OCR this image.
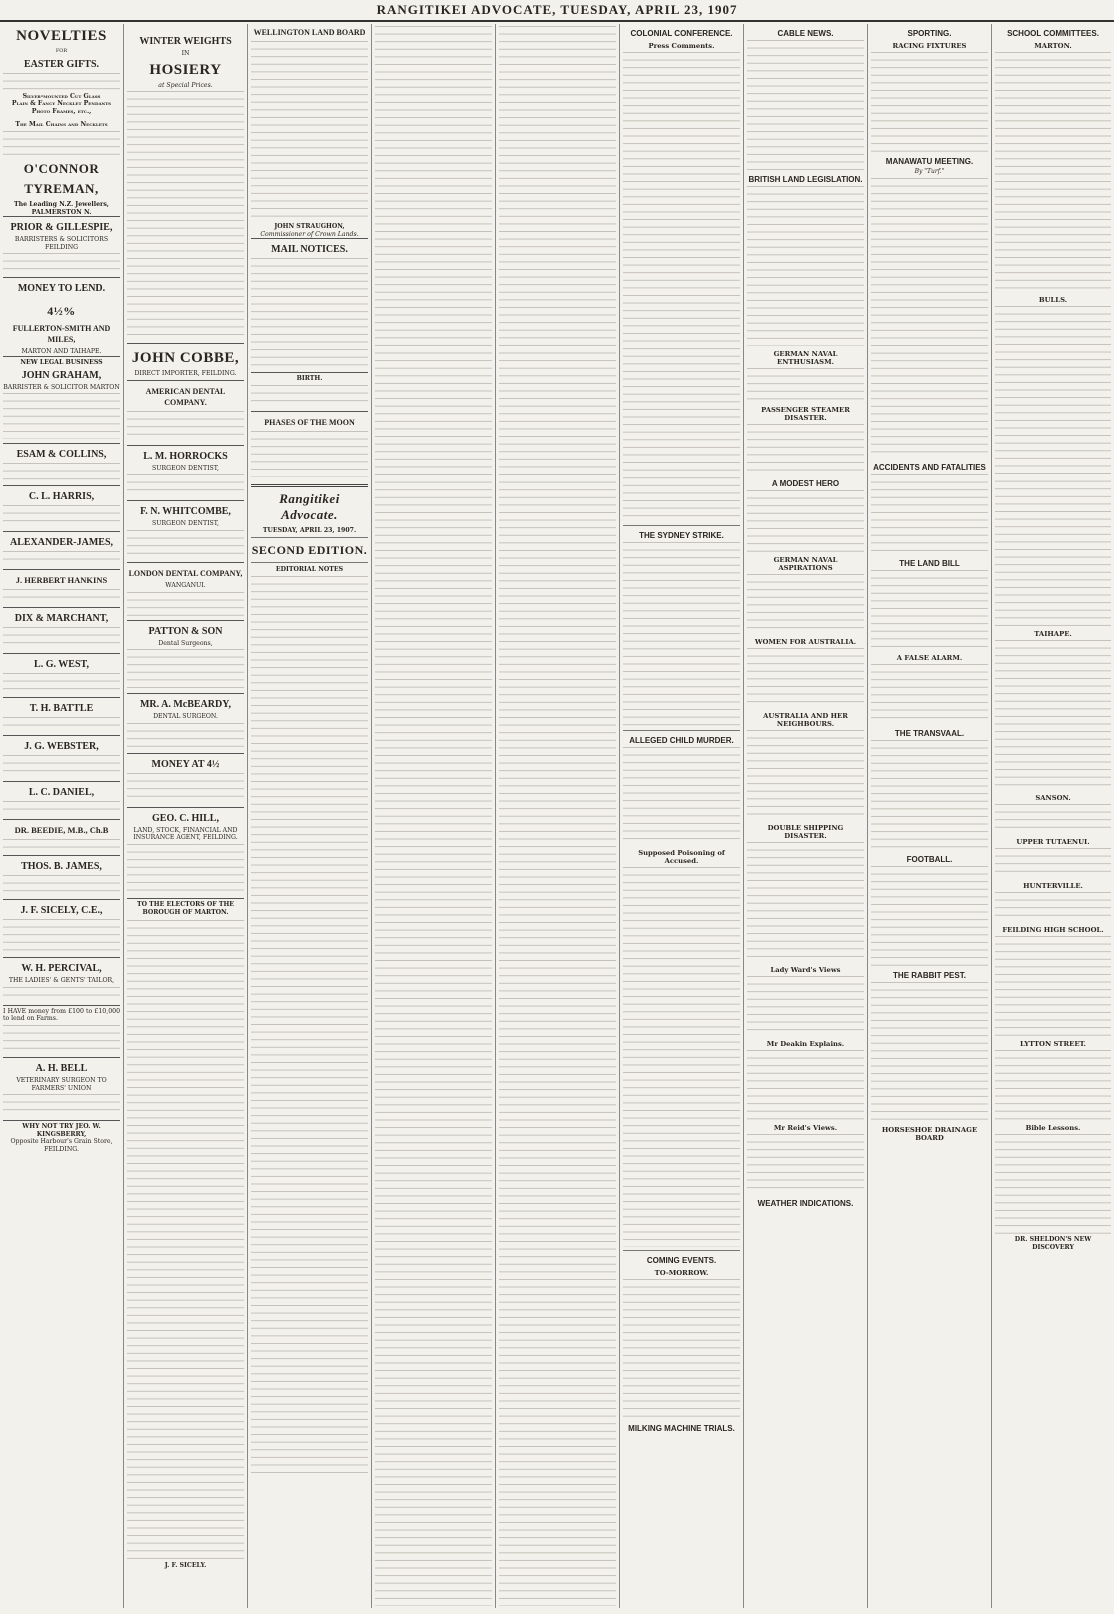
RANGITIKEI ADVOCATE, TUESDAY, APRIL 23, 1907
NOVELTIES
FOR
EASTER GIFTS.
Silver-mounted Cut Glass
Plain & Fancy Necklet Pendants
Photo Frames, etc.,
The Mail Chains and Necklets
O'CONNOR
TYREMAN,
The Leading N.Z. Jewellers, PALMERSTON N.
PRIOR & GILLESPIE,
BARRISTERS & SOLICITORS FEILDING
MONEY TO LEND.
4½%
FULLERTON-SMITH AND MILES,
MARTON AND TAIHAPE.
NEW LEGAL BUSINESS
JOHN GRAHAM,
BARRISTER & SOLICITOR MARTON
ESAM & COLLINS,
C. L. HARRIS,
ALEXANDER-JAMES,
J. HERBERT HANKINS
DIX & MARCHANT,
L. G. WEST,
T. H. BATTLE
J. G. WEBSTER,
L. C. DANIEL,
DR. BEEDIE, M.B., Ch.B
THOS. B. JAMES,
J. F. SICELY, C.E.,
W. H. PERCIVAL,
THE LADIES' & GENTS' TAILOR,
I HAVE money from £100 to £10,000 to lend on Farms.
A. H. BELL
VETERINARY SURGEON TO FARMERS' UNION
WHY NOT TRY JEO. W. KINGSBERRY,
Opposite Harbour's Grain Store, FEILDING.
WINTER WEIGHTS
IN
HOSIERY
at Special Prices.
JOHN COBBE,
DIRECT IMPORTER, FEILDING.
AMERICAN DENTAL COMPANY.
L. M. HORROCKS
SURGEON DENTIST,
F. N. WHITCOMBE,
SURGEON DENTIST,
LONDON DENTAL COMPANY,
WANGANUI.
PATTON & SON
Dental Surgeons,
MR. A. McBEARDY,
DENTAL SURGEON.
MONEY AT 4½
GEO. C. HILL,
LAND, STOCK, FINANCIAL AND INSURANCE AGENT, FEILDING.
TO THE ELECTORS OF THE BOROUGH OF MARTON.
J. F. SICELY.
WELLINGTON LAND BOARD
JOHN STRAUGHON,
Commissioner of Crown Lands.
MAIL NOTICES.
BIRTH.
PHASES OF THE MOON
Rangitikei Advocate.
TUESDAY, APRIL 23, 1907.
SECOND EDITION.
EDITORIAL NOTES
COLONIAL CONFERENCE.
Press Comments.
THE SYDNEY STRIKE.
ALLEGED CHILD MURDER.
Supposed Poisoning of Accused.
COMING EVENTS.
TO-MORROW.
MILKING MACHINE TRIALS.
CABLE NEWS.
BRITISH LAND LEGISLATION.
GERMAN NAVAL ENTHUSIASM.
PASSENGER STEAMER DISASTER.
A MODEST HERO
GERMAN NAVAL ASPIRATIONS
WOMEN FOR AUSTRALIA.
AUSTRALIA AND HER NEIGHBOURS.
DOUBLE SHIPPING DISASTER.
Lady Ward's Views
Mr Deakin Explains.
Mr Reid's Views.
WEATHER INDICATIONS.
SPORTING.
RACING FIXTURES
MANAWATU MEETING.
By "Turf."
ACCIDENTS AND FATALITIES
THE LAND BILL
A FALSE ALARM.
THE TRANSVAAL.
FOOTBALL.
THE RABBIT PEST.
HORSESHOE DRAINAGE BOARD
SCHOOL COMMITTEES.
MARTON.
BULLS.
TAIHAPE.
SANSON.
UPPER TUTAENUI.
HUNTERVILLE.
FEILDING HIGH SCHOOL.
LYTTON STREET.
Bible Lessons.
DR. SHELDON'S NEW DISCOVERY
